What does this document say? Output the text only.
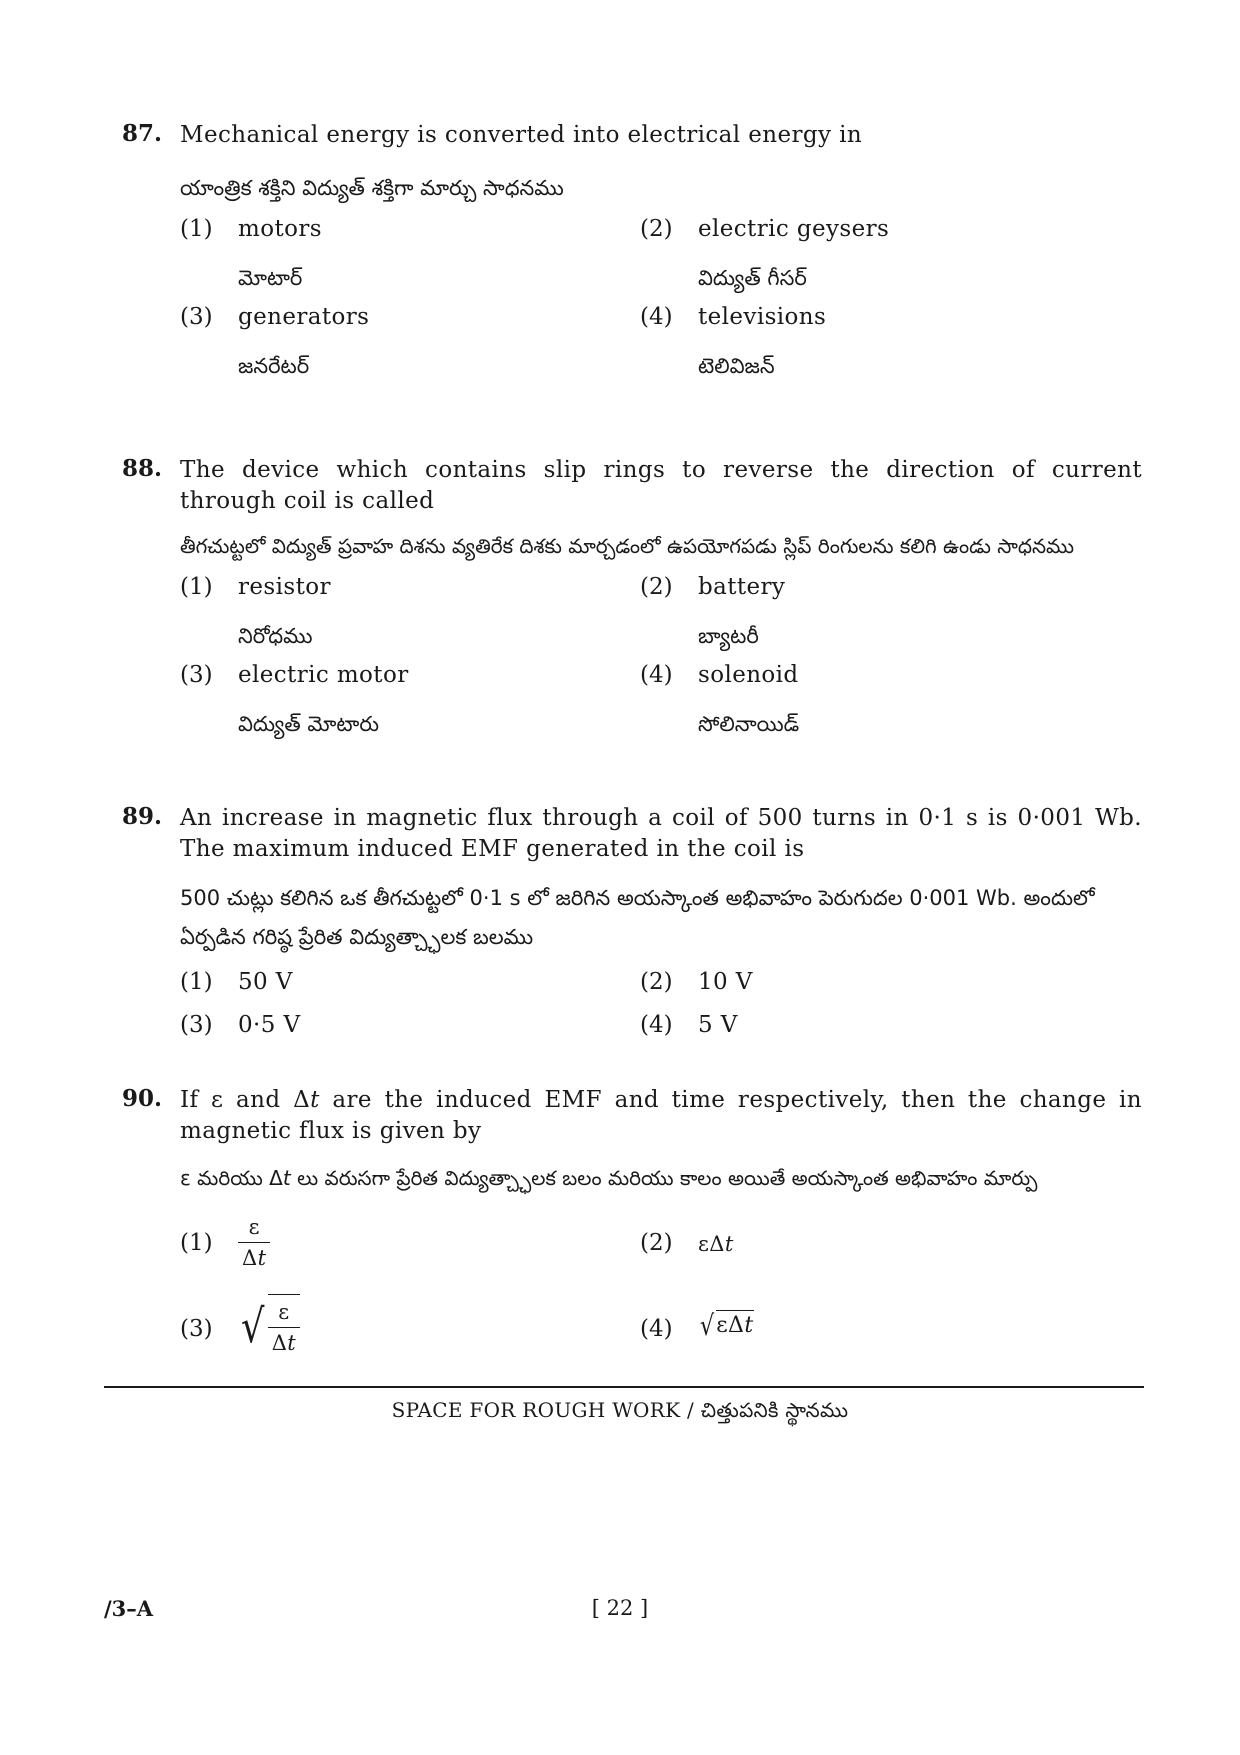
87. Mechanical energy is converted into electrical energy in
యాంత్రిక శక్తిని విద్యుత్ శక్తిగా మార్చు సాధనము
(1) motors
మోటార్
(2) electric geysers
విద్యుత్ గీసర్
(3) generators
జనరేటర్
(4) televisions
టెలివిజన్
88. The device which contains slip rings to reverse the direction of current through coil is called
తీగచుట్టలో విద్యుత్ ప్రవాహ దిశను వ్యతిరేక దిశకు మార్చడంలో ఉపయోగపడు స్లిప్ రింగులను కలిగి ఉండు సాధనము
(1) resistor
నిరోధము
(2) battery
బ్యాటరీ
(3) electric motor
విద్యుత్ మోటారు
(4) solenoid
సోలినాయిడ్
89. An increase in magnetic flux through a coil of 500 turns in 0·1 s is 0·001 Wb. The maximum induced EMF generated in the coil is
500 చుట్లు కలిగిన ఒక తీగచుట్టలో 0·1 s లో జరిగిన అయస్కాంత అభివాహం పెరుగుదల 0·001 Wb. అందులో ఏర్పడిన గరిష్ఠ ప్రేరిత విద్యుత్చ్ఛాలక బలము
(1) 50 V	(2) 10 V
(3) 0·5 V	(4) 5 V
90. If ε and Δt are the induced EMF and time respectively, then the change in magnetic flux is given by
ε మరియు Δt లు వరుసగా ప్రేరిత విద్యుత్చ్ఛాలక బలం మరియు కాలం అయితే అయస్కాంత అభివాహం మార్పు
$(1) \frac{\varepsilon}{\Delta t}$	(2) εΔt
(3) √ $\frac{\varepsilon}{\Delta t}$	(4) √ εΔt
SPACE FOR ROUGH WORK / చిత్తుపనికి స్థానము
/3–A	[ 22 ]
